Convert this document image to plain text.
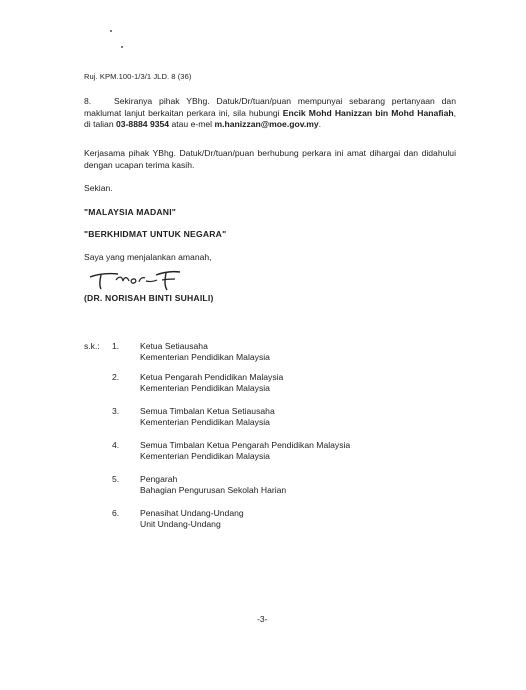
Ruj. KPM.100-1/3/1 JLD. 8 (36)

8.	Sekiranya pihak YBhg. Datuk/Dr/tuan/puan mempunyai sebarang pertanyaan dan maklumat lanjut berkaitan perkara ini, sila hubungi Encik Mohd Hanizzan bin Mohd Hanafiah, di talian 03-8884 9354 atau e-mel m.hanizzan@moe.gov.my.

Kerjasama pihak YBhg. Datuk/Dr/tuan/puan berhubung perkara ini amat dihargai dan didahului dengan ucapan terima kasih.

Sekian.
"MALAYSIA MADANI"
"BERKHIDMAT UNTUK NEGARA"
Saya yang menjalankan amanah,
(DR. NORISAH BINTI SUHAILI)
s.k.: 1.	Ketua Setiausaha
Kementerian Pendidikan Malaysia
2.	Ketua Pengarah Pendidikan Malaysia
Kementerian Pendidikan Malaysia
3.	Semua Timbalan Ketua Setiausaha
Kementerian Pendidikan Malaysia
4.	Semua Timbalan Ketua Pengarah Pendidikan Malaysia
Kementerian Pendidikan Malaysia
5.	Pengarah
Bahagian Pengurusan Sekolah Harian
6.	Penasihat Undang-Undang
Unit Undang-Undang
-3-
